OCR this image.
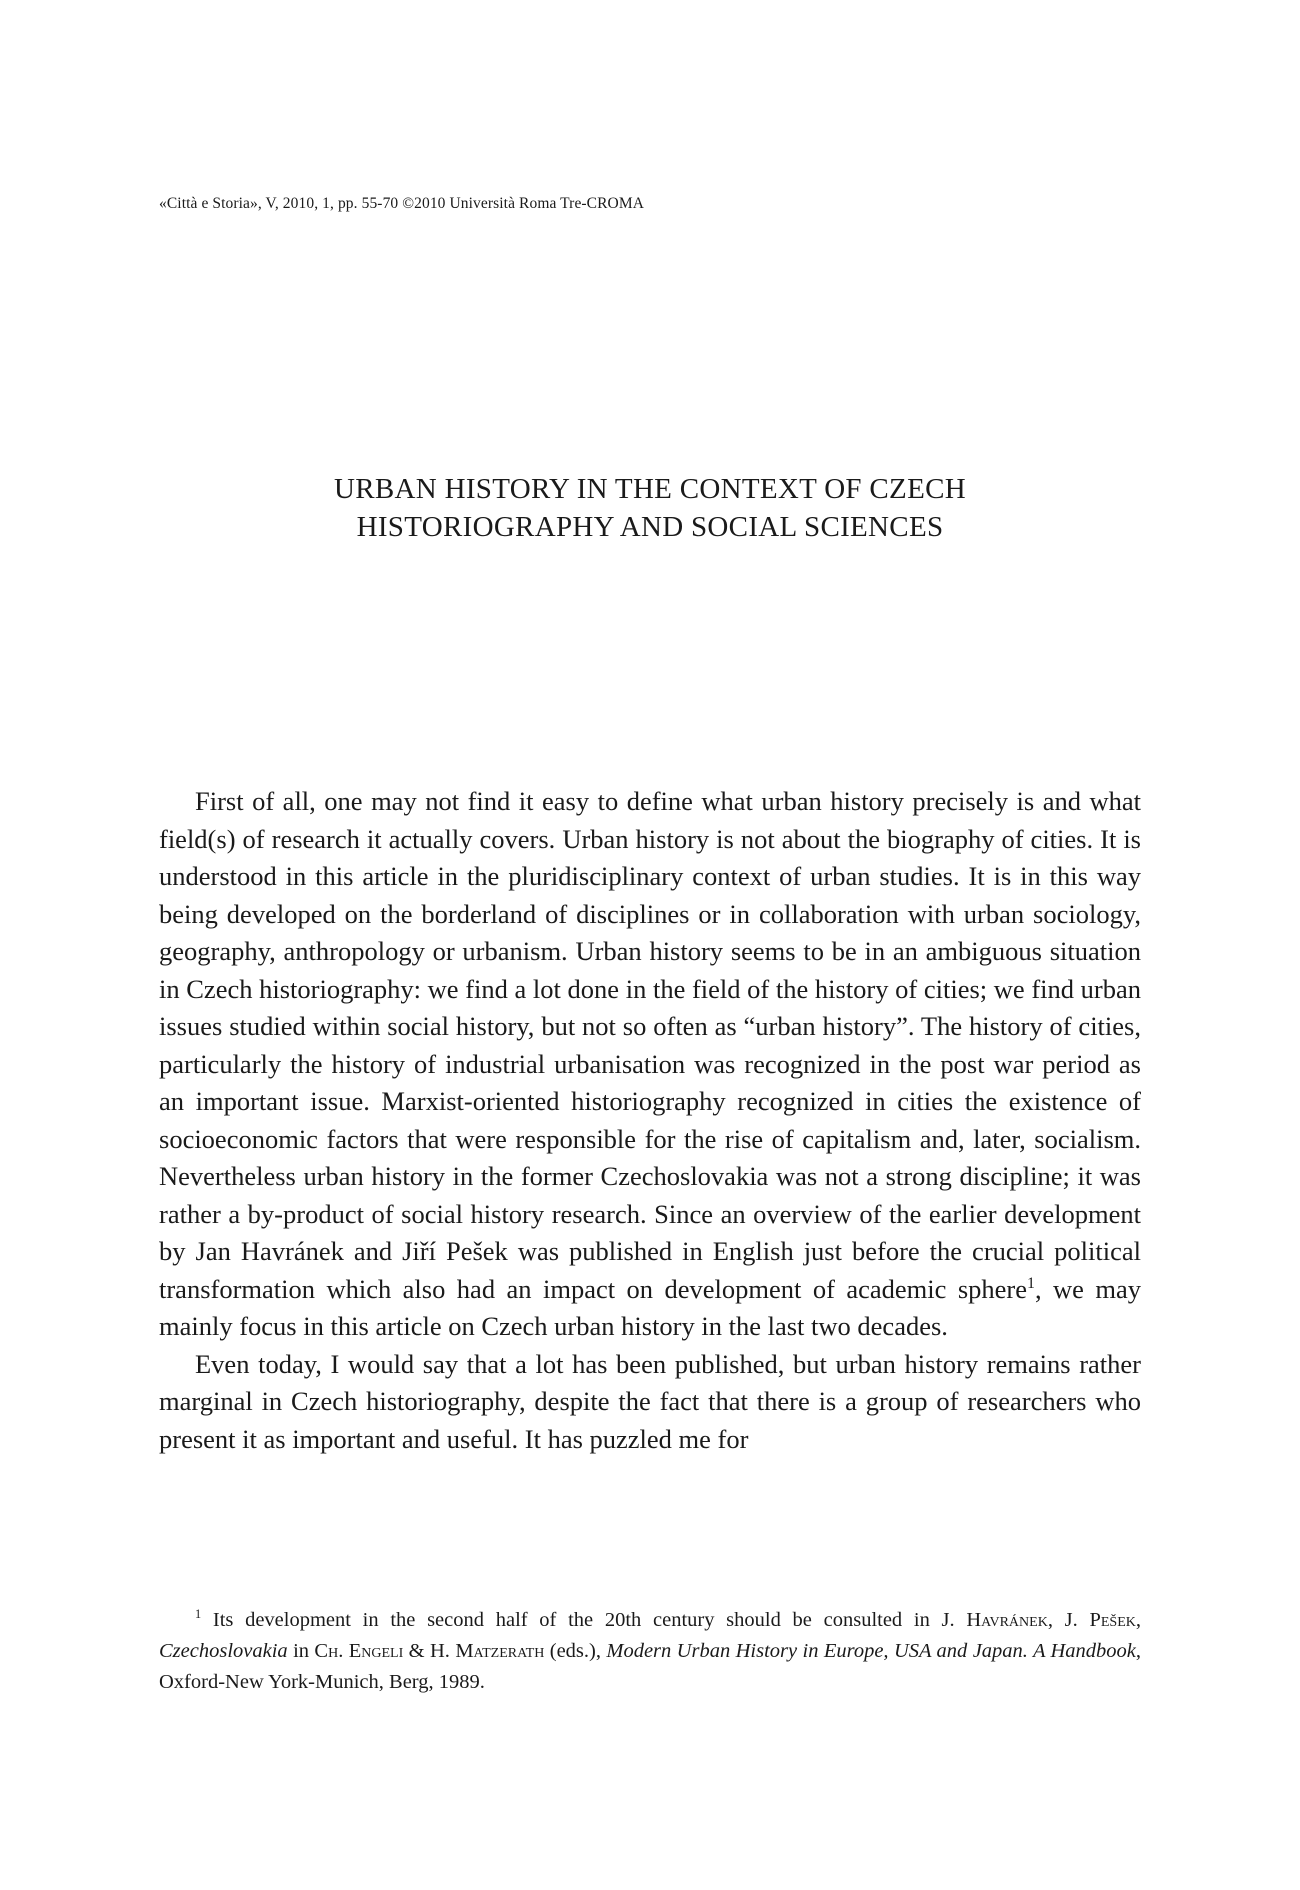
«Città e Storia», V, 2010, 1, pp. 55-70 ©2010 Università Roma Tre-CROMA
URBAN HISTORY IN THE CONTEXT OF CZECH
HISTORIOGRAPHY AND SOCIAL SCIENCES

First of all, one may not find it easy to define what urban history precisely is and what field(s) of research it actually covers. Urban history is not about the biography of cities. It is understood in this article in the pluridisciplinary context of urban studies. It is in this way being developed on the borderland of disciplines or in collaboration with urban sociology, geography, anthropology or urbanism. Urban history seems to be in an ambiguous situation in Czech historiography: we find a lot done in the field of the history of cities; we find urban issues studied within social history, but not so often as “urban history”. The history of cities, particularly the history of industrial urbanisation was recognized in the post war period as an important issue. Marxist-oriented historiography recognized in cities the existence of socioeconomic factors that were responsible for the rise of capitalism and, later, socialism. Nevertheless urban history in the former Czechoslovakia was not a strong discipline; it was rather a by-product of social history research. Since an overview of the earlier development by Jan Havránek and Jiří Pešek was published in English just before the crucial political transformation which also had an impact on development of academic sphere$^1$, we may mainly focus in this article on Czech urban history in the last two decades.

Even today, I would say that a lot has been published, but urban history remains rather marginal in Czech historiography, despite the fact that there is a group of researchers who present it as important and useful. It has puzzled me for

$^1$ Its development in the second half of the 20th century should be consulted in J. Havránek, J. Pešek, Czechoslovakia in Ch. Engeli & H. Matzerath (eds.), Modern Urban History in Europe, USA and Japan. A Handbook, Oxford-New York-Munich, Berg, 1989.
